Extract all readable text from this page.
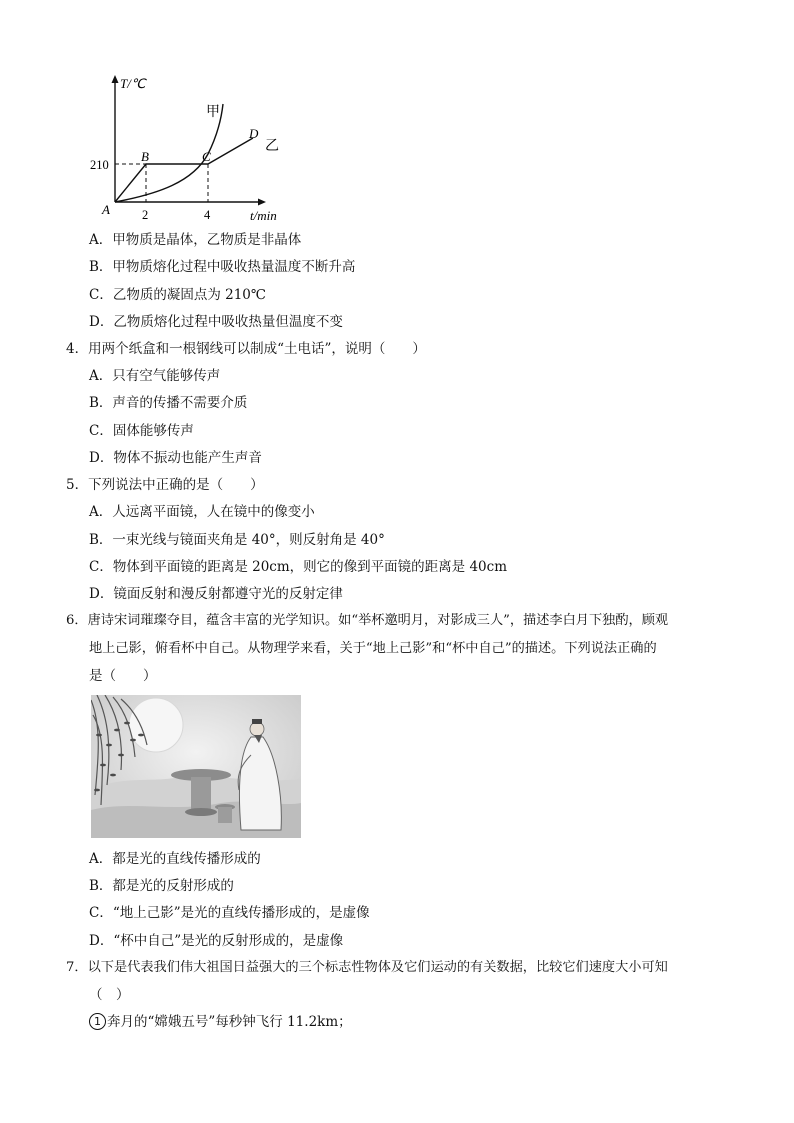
T/℃
t/min
A
B	C
D
210
2	4
甲
乙
A．甲物质是晶体，乙物质是非晶体
B．甲物质熔化过程中吸收热量温度不断升高
C．乙物质的凝固点为 210℃
D．乙物质熔化过程中吸收热量但温度不变
4．用两个纸盒和一根钢线可以制成“土电话”，说明（　　）
A．只有空气能够传声
B．声音的传播不需要介质
C．固体能够传声
D．物体不振动也能产生声音
5．下列说法中正确的是（　　）
A．人远离平面镜，人在镜中的像变小
B．一束光线与镜面夹角是 40°，则反射角是 40°
C．物体到平面镜的距离是 20cm，则它的像到平面镜的距离是 40cm
D．镜面反射和漫反射都遵守光的反射定律
6．唐诗宋词璀璨夺目，蕴含丰富的光学知识。如“举杯邀明月，对影成三人”，描述李白月下独酌，顾观
地上己影，俯看杯中自己。从物理学来看，关于“地上己影”和“杯中自己”的描述。下列说法正确的
是（　　）
A．都是光的直线传播形成的
B．都是光的反射形成的
C．“地上己影”是光的直线传播形成的，是虚像
D．“杯中自己”是光的反射形成的，是虚像
7．以下是代表我们伟大祖国日益强大的三个标志性物体及它们运动的有关数据，比较它们速度大小可知
（　）
1 奔月的“嫦娥五号”每秒钟飞行 11.2km；
